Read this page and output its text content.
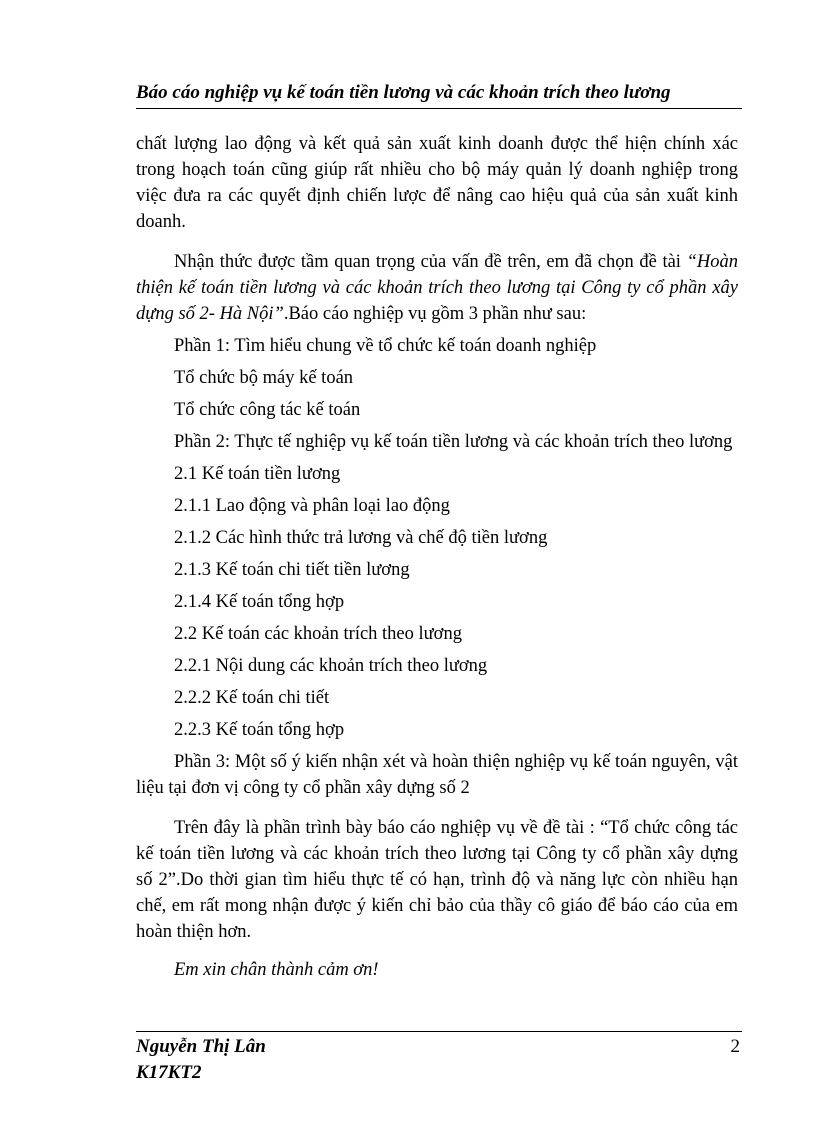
Báo cáo nghiệp vụ kế toán tiền lương và các khoản trích theo lương

chất lượng lao động và kết quả sản xuất kinh doanh được thể hiện chính xác trong hoạch toán cũng giúp rất nhiều cho bộ máy quản lý doanh nghiệp trong việc đưa ra các quyết định chiến lược để nâng cao hiệu quả của sản xuất kinh doanh.

Nhận thức được tầm quan trọng của vấn đề trên, em đã chọn đề tài “Hoàn thiện kế toán tiền lương và các khoản trích theo lương tại Công ty cổ phần xây dựng số 2- Hà Nội”.Báo cáo nghiệp vụ gồm 3 phần như sau:

Phần 1: Tìm hiểu chung về tổ chức kế toán doanh nghiệp

Tổ chức bộ máy kế toán

Tổ chức công tác kế toán

Phần 2: Thực tế nghiệp vụ kế toán tiền lương và các khoản trích theo lương

2.1 Kế toán tiền lương

2.1.1 Lao động và phân loại lao động

2.1.2 Các hình thức trả lương và chế độ tiền lương

2.1.3 Kế toán chi tiết tiền lương

2.1.4 Kế toán tổng hợp

2.2 Kế toán các khoản trích theo lương

2.2.1 Nội dung các khoản trích theo lương

2.2.2 Kế toán chi tiết

2.2.3 Kế toán tổng hợp

Phần 3: Một số ý kiến nhận xét và hoàn thiện nghiệp vụ kế toán nguyên, vật liệu tại đơn vị công ty cổ phần xây dựng số 2

Trên đây là phần trình bày báo cáo nghiệp vụ về đề tài : “Tổ chức công tác kế toán tiền lương và các khoản trích theo lương tại Công ty cổ phần xây dựng số 2”.Do thời gian tìm hiểu thực tế có hạn, trình độ và năng lực còn nhiều hạn chế, em rất mong nhận được ý kiến chỉ bảo của thầy cô giáo để báo cáo của em hoàn thiện hơn.

Em xin chân thành cảm ơn!

Nguyễn Thị Lân
K17KT2
2
